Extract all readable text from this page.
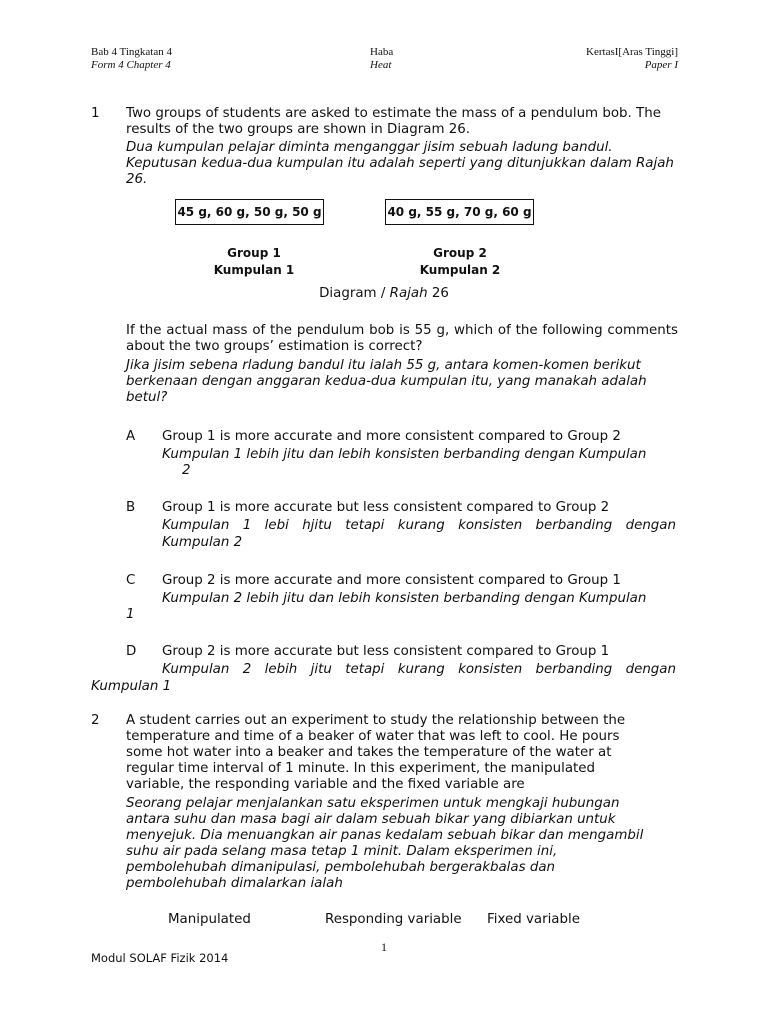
Bab 4 Tingkatan 4
Form 4 Chapter 4
Haba
Heat
KertasI[Aras Tinggi]
Paper I
1 Two groups of students are asked to estimate the mass of a pendulum bob. The results of the two groups are shown in Diagram 26.
Dua kumpulan pelajar diminta menganggar jisim sebuah ladung bandul. Keputusan kedua-dua kumpulan itu adalah seperti yang ditunjukkan dalam Rajah 26.
45 g, 60 g, 50 g, 50 g	40 g, 55 g, 70 g, 60 g
Group 1
Kumpulan 1
Group 2
Kumpulan 2
Diagram / Rajah 26
If the actual mass of the pendulum bob is 55 g, which of the following comments about the two groups’ estimation is correct?
Jika jisim sebena rladung bandul itu ialah 55 g, antara komen-komen berikut berkenaan dengan anggaran kedua-dua kumpulan itu, yang manakah adalah betul?
A Group 1 is more accurate and more consistent compared to Group 2
Kumpulan 1 lebih jitu dan lebih konsisten berbanding dengan Kumpulan
2
B Group 1 is more accurate but less consistent compared to Group 2
Kumpulan 1 lebi hjitu tetapi kurang konsisten berbanding dengan
Kumpulan 2
C Group 2 is more accurate and more consistent compared to Group 1
Kumpulan 2 lebih jitu dan lebih konsisten berbanding dengan Kumpulan
1
D Group 2 is more accurate but less consistent compared to Group 1
Kumpulan 2 lebih jitu tetapi kurang konsisten berbanding dengan
Kumpulan 1
2 A student carries out an experiment to study the relationship between the
temperature and time of a beaker of water that was left to cool. He pours
some hot water into a beaker and takes the temperature of the water at
regular time interval of 1 minute. In this experiment, the manipulated
variable, the responding variable and the fixed variable are
Seorang pelajar menjalankan satu eksperimen untuk mengkaji hubungan
antara suhu dan masa bagi air dalam sebuah bikar yang dibiarkan untuk
menyejuk. Dia menuangkan air panas kedalam sebuah bikar dan mengambil
suhu air pada selang masa tetap 1 minit. Dalam eksperimen ini,
pembolehubah dimanipulasi, pembolehubah bergerakbalas dan
pembolehubah dimalarkan ialah
Manipulated	Responding variable Fixed variable
1
Modul SOLAF Fizik 2014
